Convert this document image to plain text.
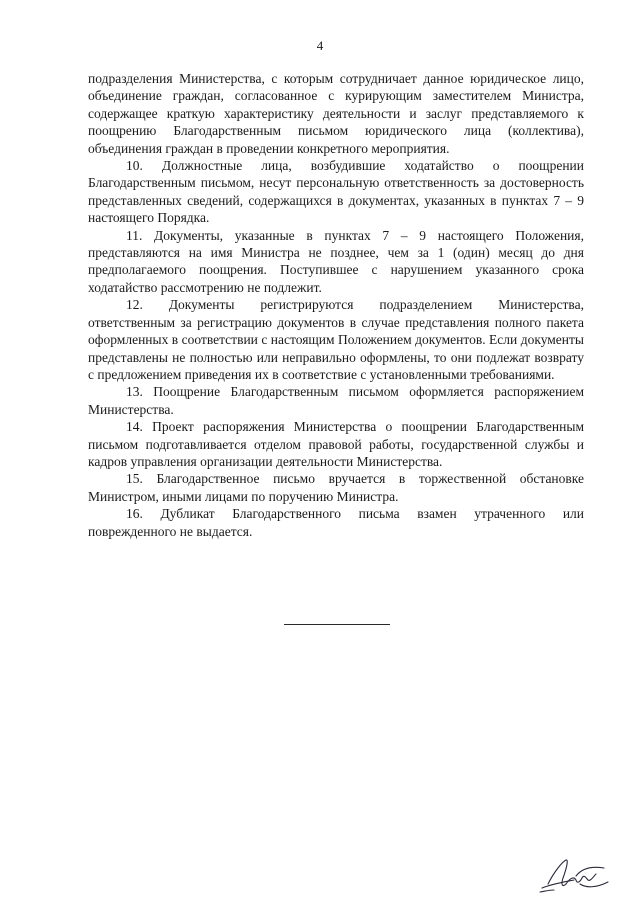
4

подразделения Министерства, с которым сотрудничает данное юридическое лицо, объединение граждан, согласованное с курирующим заместителем Министра, содержащее краткую характеристику деятельности и заслуг представляемого к поощрению Благодарственным письмом юридического лица (коллектива), объединения граждан в проведении конкретного мероприятия.

10. Должностные лица, возбудившие ходатайство о поощрении Благодарственным письмом, несут персональную ответственность за достоверность представленных сведений, содержащихся в документах, указанных в пунктах 7 – 9 настоящего Порядка.

11. Документы, указанные в пунктах 7 – 9 настоящего Положения, представляются на имя Министра не позднее, чем за 1 (один) месяц до дня предполагаемого поощрения. Поступившее с нарушением указанного срока ходатайство рассмотрению не подлежит.

12. Документы регистрируются подразделением Министерства, ответственным за регистрацию документов в случае представления полного пакета оформленных в соответствии с настоящим Положением документов. Если документы представлены не полностью или неправильно оформлены, то они подлежат возврату с предложением приведения их в соответствие с установленными требованиями.

13. Поощрение Благодарственным письмом оформляется распоряжением Министерства.

14. Проект распоряжения Министерства о поощрении Благодарственным письмом подготавливается отделом правовой работы, государственной службы и кадров управления организации деятельности Министерства.

15. Благодарственное письмо вручается в торжественной обстановке Министром, иными лицами по поручению Министра.

16. Дубликат Благодарственного письма взамен утраченного или поврежденного не выдается.
